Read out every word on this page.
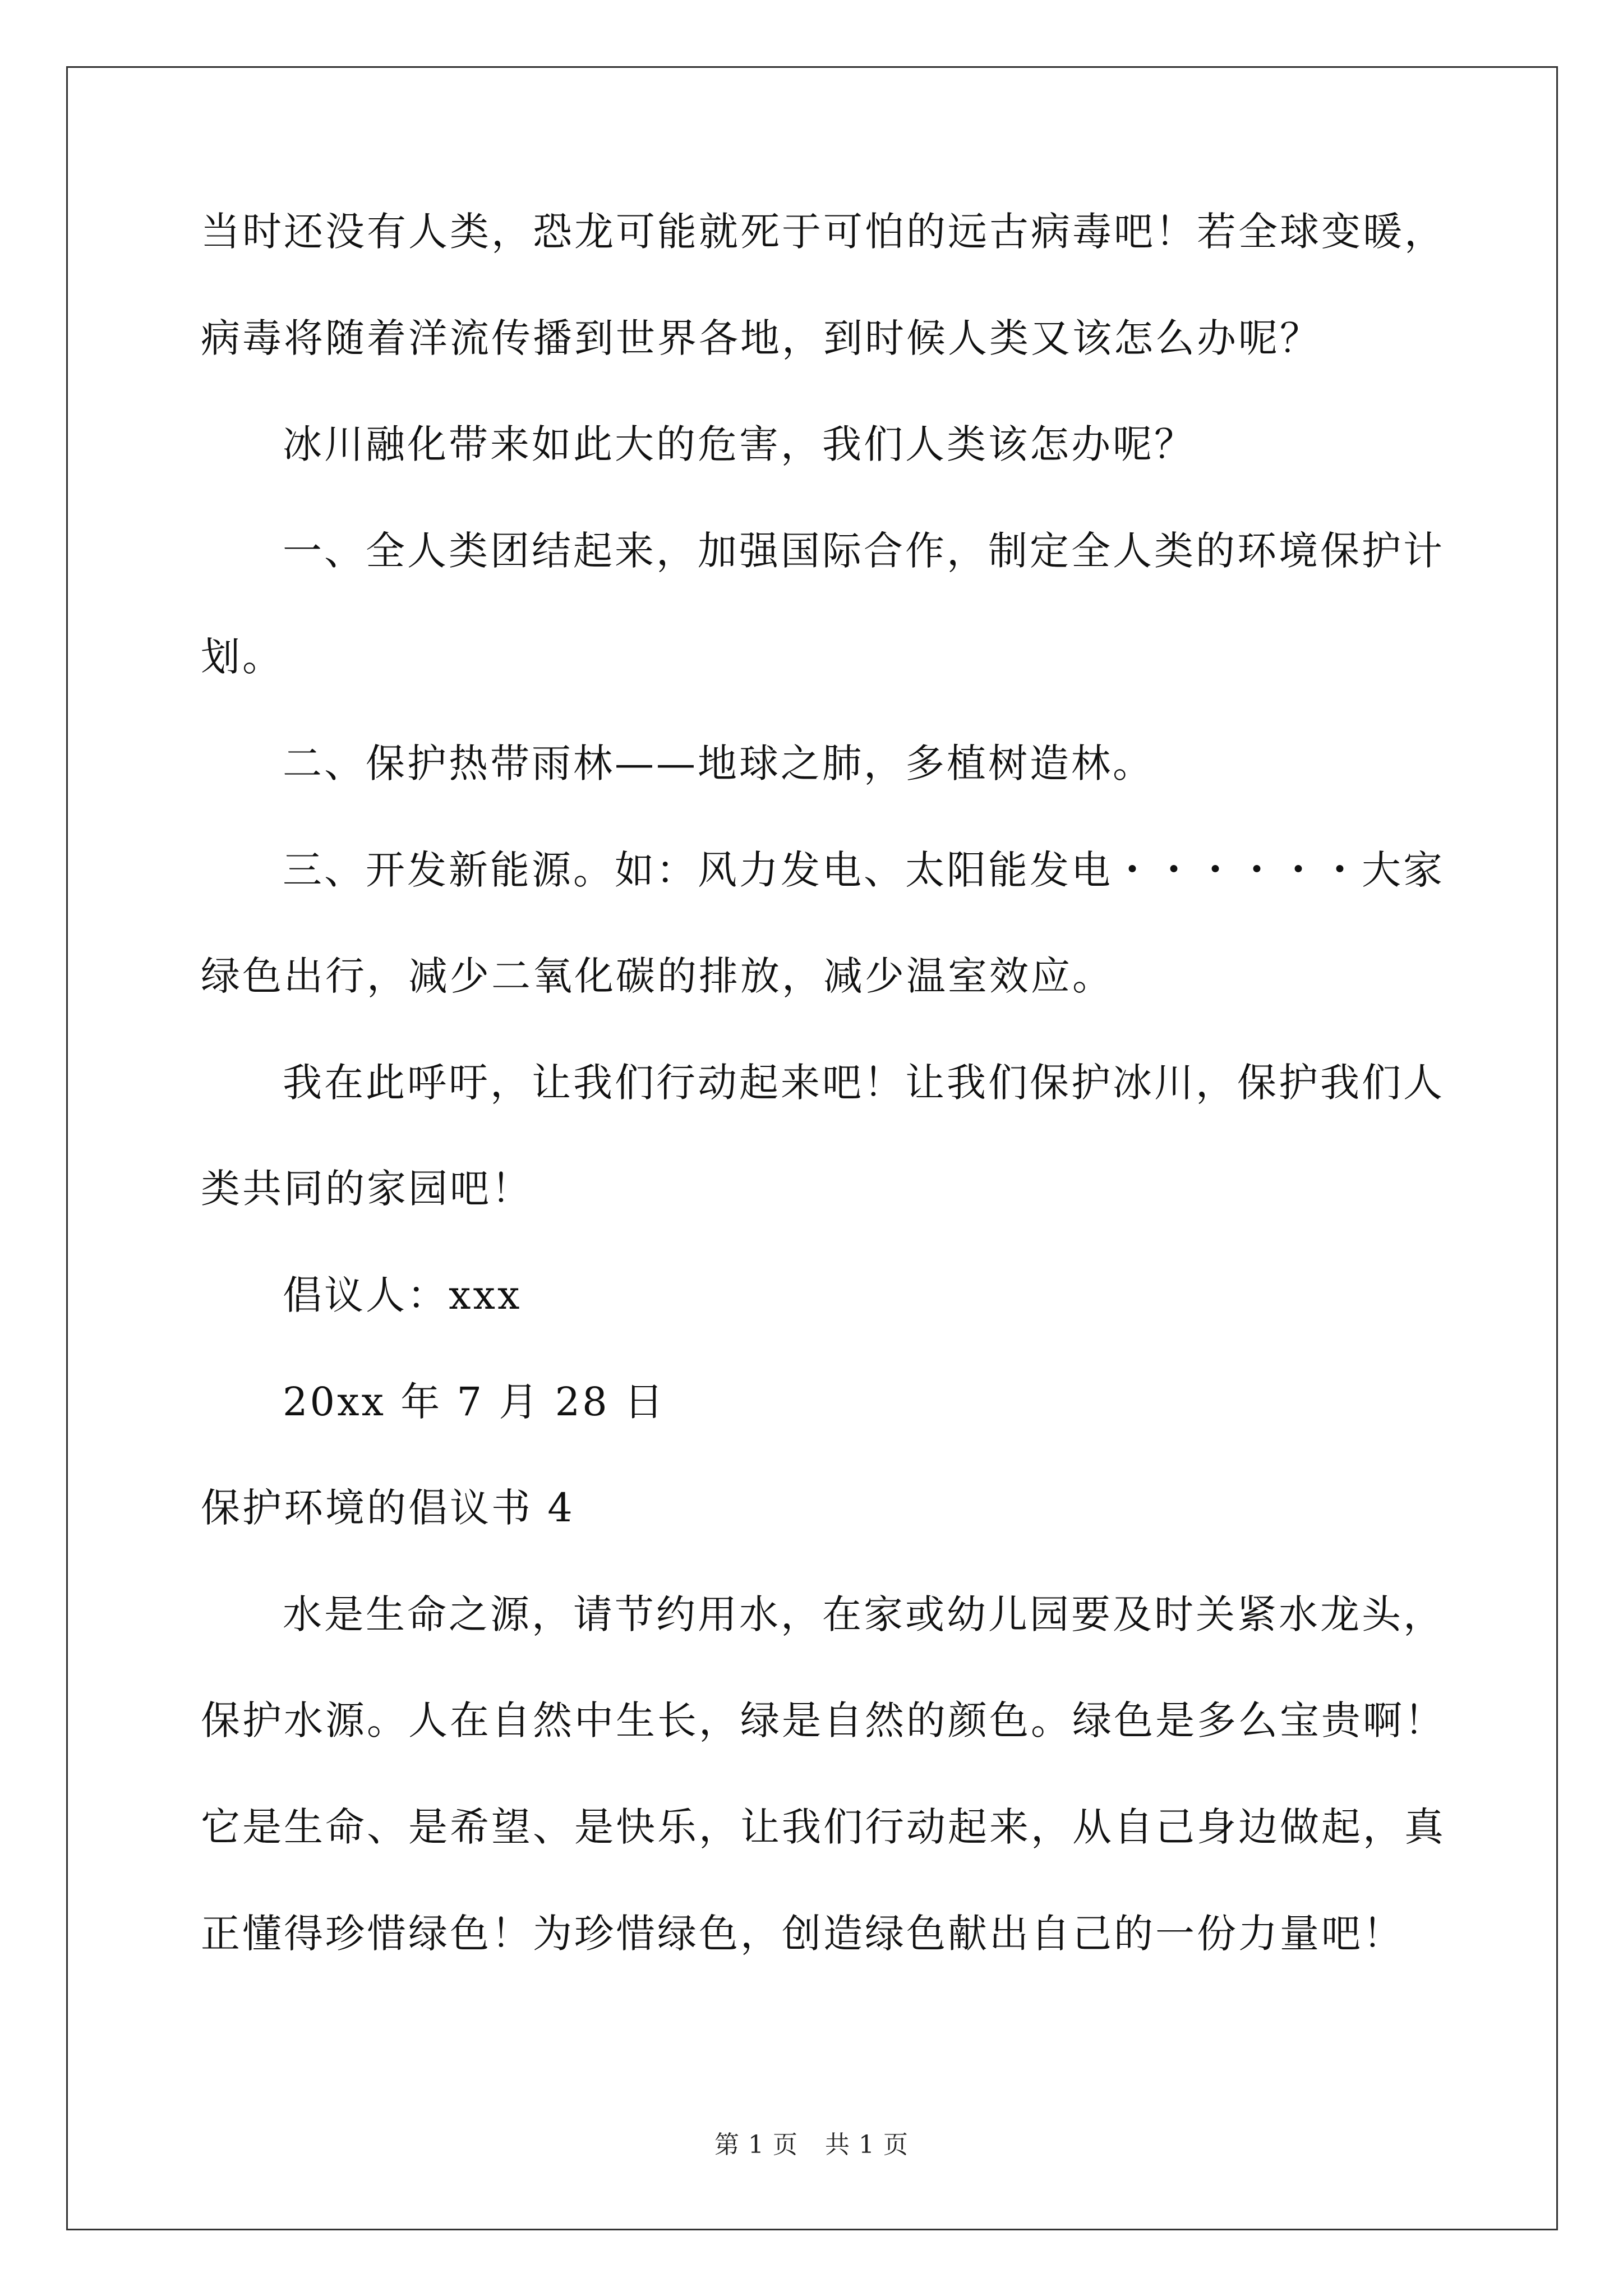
当时还没有人类，恐龙可能就死于可怕的远古病毒吧！若全球变暖，

病毒将随着洋流传播到世界各地，到时候人类又该怎么办呢？

冰川融化带来如此大的危害，我们人类该怎办呢？

一、全人类团结起来，加强国际合作，制定全人类的环境保护计

划。

二、保护热带雨林——地球之肺，多植树造林。

三、开发新能源。如：风力发电、太阳能发电・・・・・・大家

绿色出行，减少二氧化碳的排放，减少温室效应。

我在此呼吁，让我们行动起来吧！让我们保护冰川，保护我们人

类共同的家园吧！

倡议人：xxx

20xx 年 7 月 28 日

保护环境的倡议书 4

水是生命之源，请节约用水，在家或幼儿园要及时关紧水龙头，

保护水源。人在自然中生长，绿是自然的颜色。绿色是多么宝贵啊！

它是生命、是希望、是快乐，让我们行动起来，从自己身边做起，真

正懂得珍惜绿色！为珍惜绿色，创造绿色献出自己的一份力量吧！

第 1 页 共 1 页
